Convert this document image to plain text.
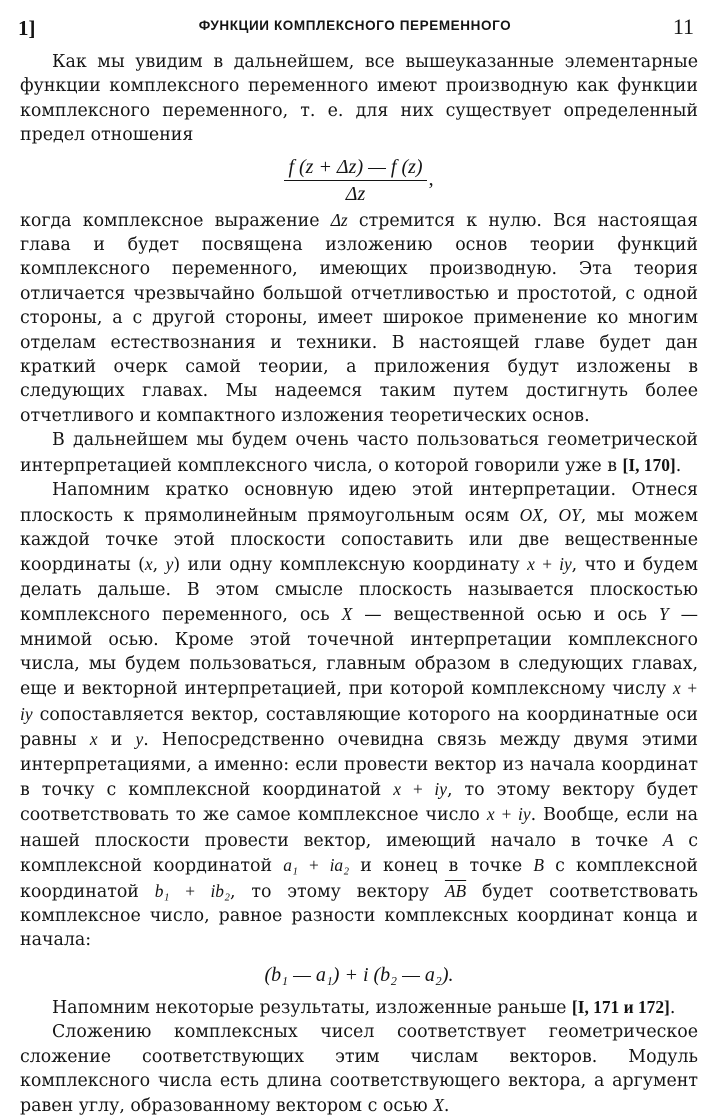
1]	ФУНКЦИИ КОМПЛЕКСНОГО ПЕРЕМЕННОГО	11

Как мы увидим в дальнейшем, все вышеуказанные элементарные функции комплексного переменного имеют производную как функции комплексного переменного, т. е. для них существует определенный предел отношения

$\frac{f (z + \Delta z) — f (z)}{\Delta z}$ ,

когда комплексное выражение Δz стремится к нулю. Вся настоящая глава и будет посвящена изложению основ теории функций комплексного переменного, имеющих производную. Эта теория отличается чрезвычайно большой отчетливостью и простотой, с одной стороны, а с другой стороны, имеет широкое применение ко многим отделам естествознания и техники. В настоящей главе будет дан краткий очерк самой теории, а приложения будут изложены в следующих главах. Мы надеемся таким путем достигнуть более отчетливого и компактного изложения теоретических основ.

В дальнейшем мы будем очень часто пользоваться геометрической интерпретацией комплексного числа, о которой говорили уже в [I, 170].

Напомним кратко основную идею этой интерпретации. Отнеся плоскость к прямолинейным прямоугольным осям OX, OY, мы можем каждой точке этой плоскости сопоставить или две вещественные координаты (x, y) или одну комплексную координату x + iy, что и будем делать дальше. В этом смысле плоскость называется плоскостью комплексного переменного, ось X — вещественной осью и ось Y — мнимой осью. Кроме этой точечной интерпретации комплексного числа, мы будем пользоваться, главным образом в следующих главах, еще и векторной интерпретацией, при которой комплексному числу x + iy сопоставляется вектор, составляющие которого на координатные оси равны x и y. Непосредственно очевидна связь между двумя этими интерпретациями, а именно: если провести вектор из начала координат в точку с комплексной координатой x + iy, то этому вектору будет соответствовать то же самое комплексное число x + iy. Вообще, если на нашей плоскости провести вектор, имеющий начало в точке A с комплексной координатой a₁ + ia₂ и конец в точке B с комплексной координатой b₁ + ib₂, то этому вектору $\overline{AB}$ будет соответствовать комплексное число, равное разности комплексных координат конца и начала:

(b₁ — a₁) + i (b₂ — a₂).

Напомним некоторые результаты, изложенные раньше [I, 171 и 172].

Сложению комплексных чисел соответствует геометрическое сложение соответствующих этим числам векторов. Модуль комплексного числа есть длина соответствующего вектора, а аргумент равен углу, образованному вектором с осью X.
